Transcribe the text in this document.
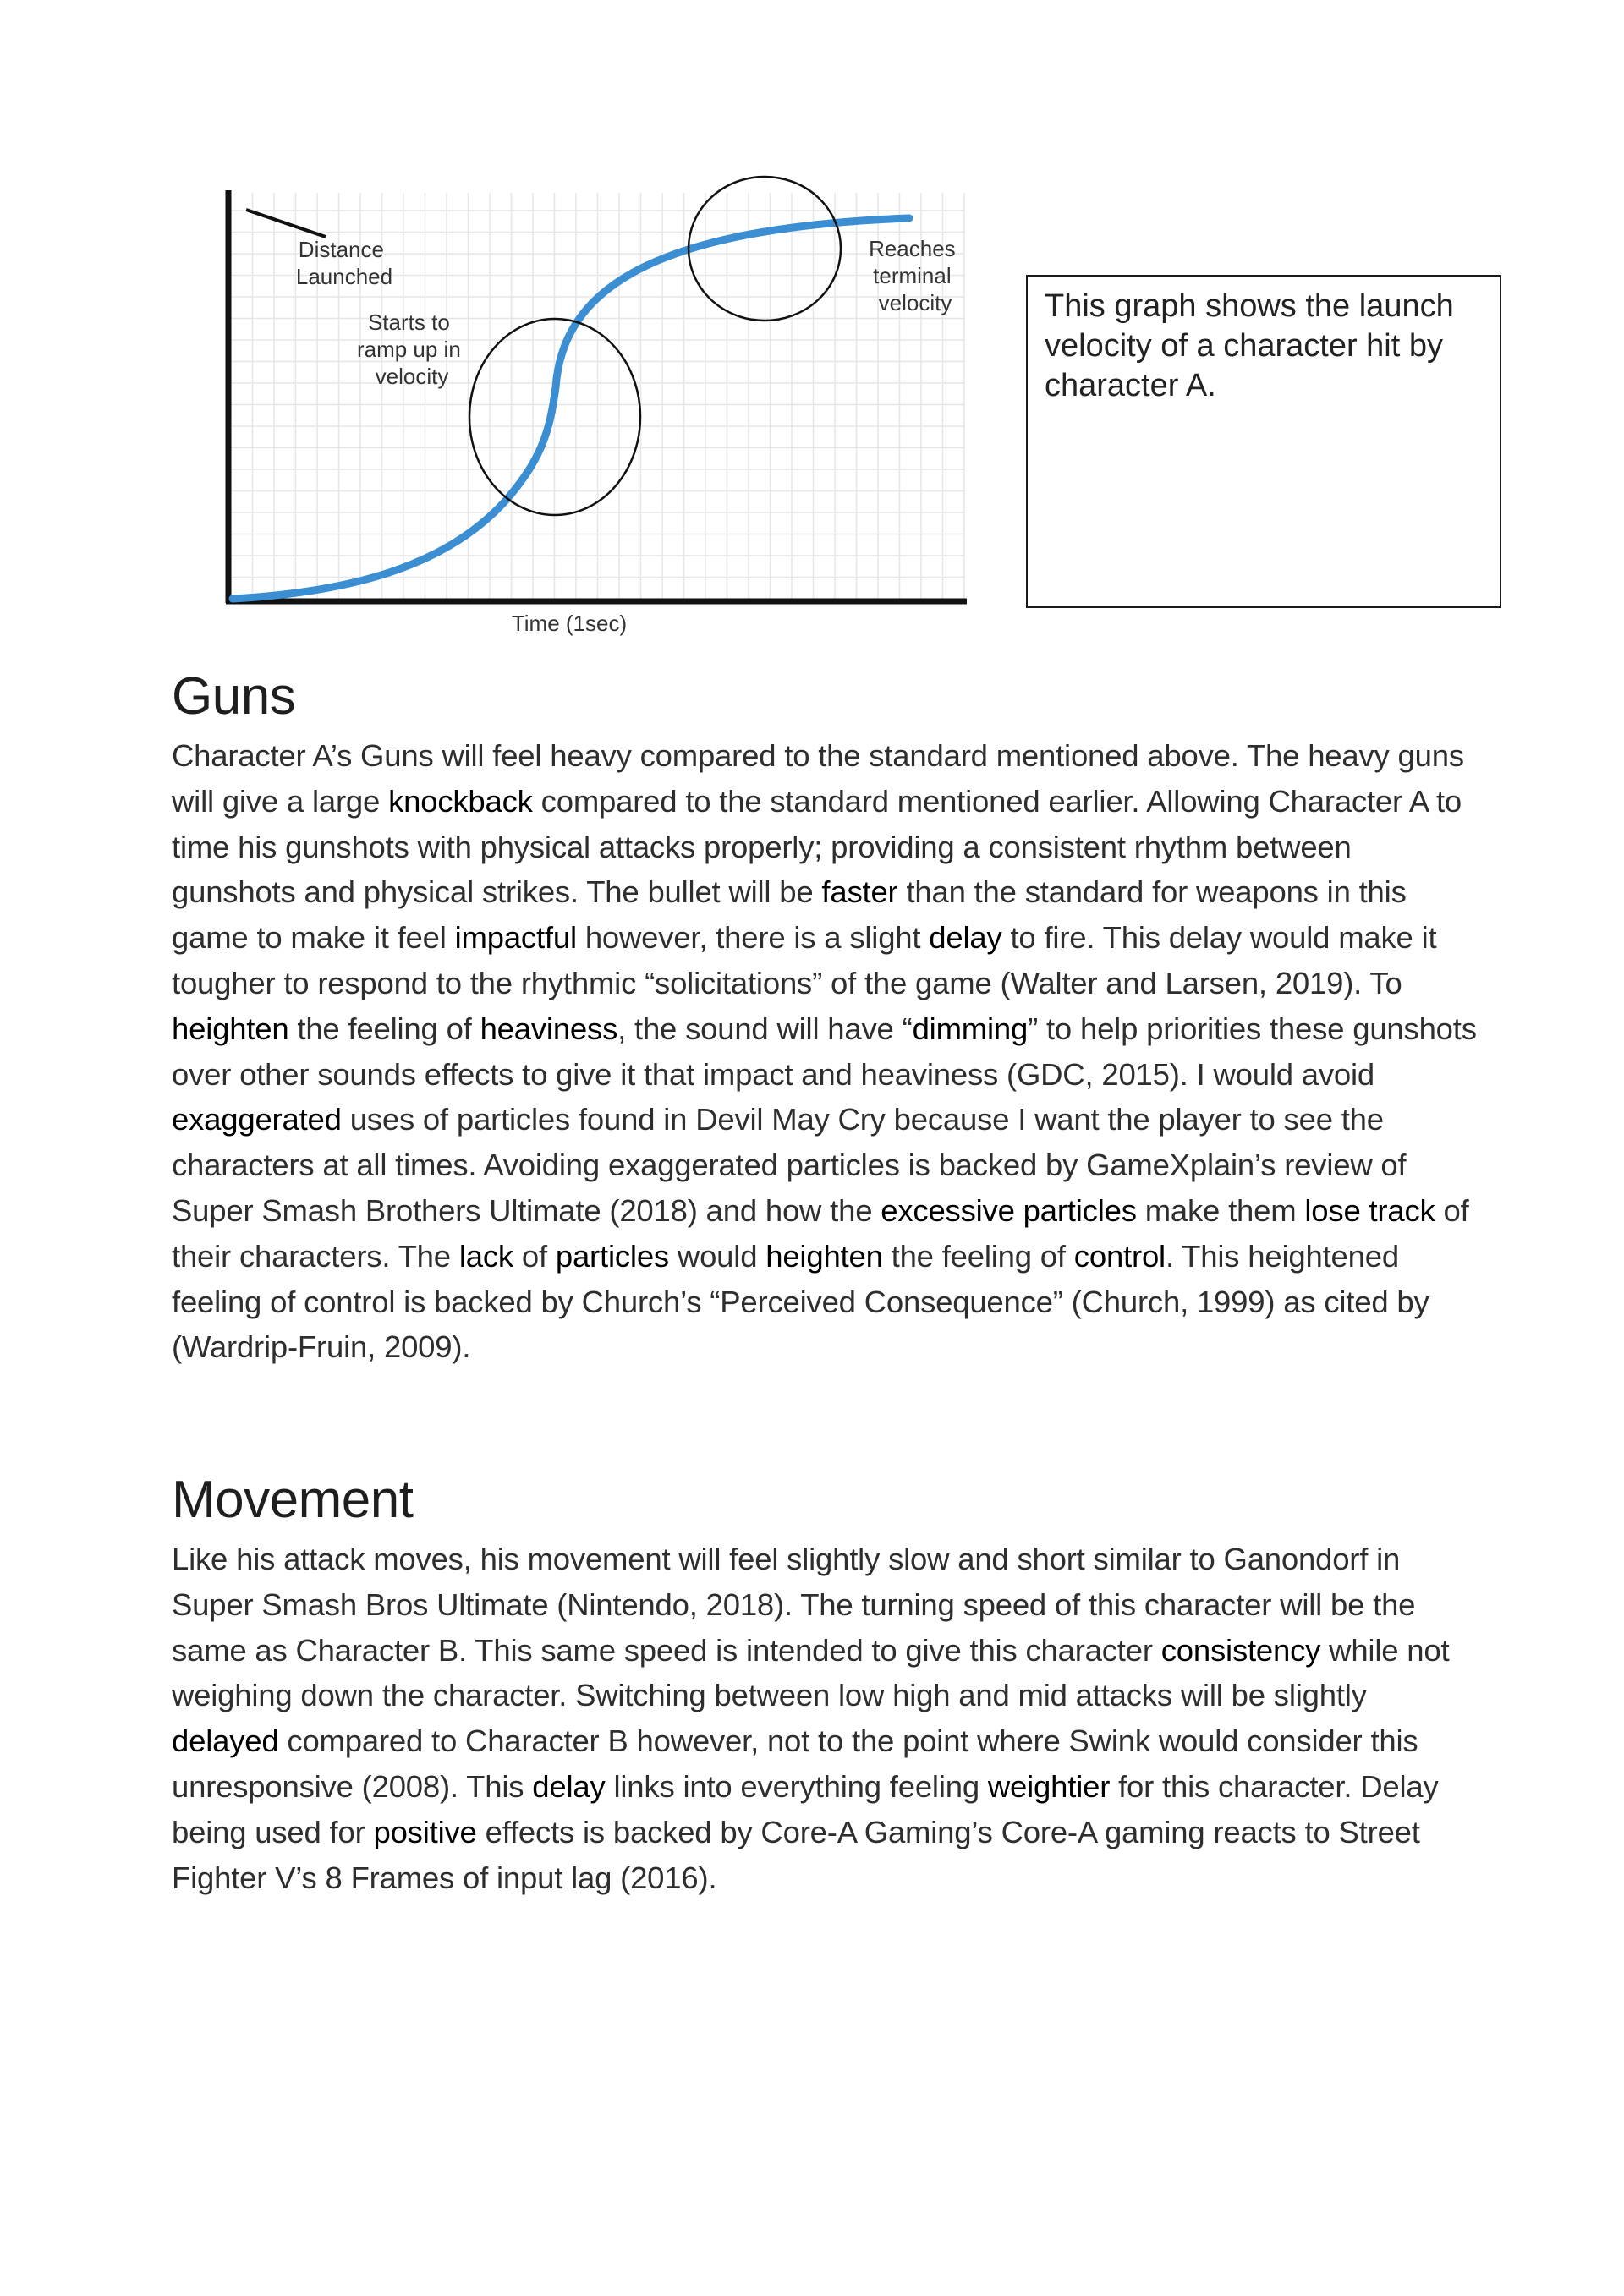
Distance Launched
Starts to ramp up in velocity
Reaches terminal velocity
Time (1sec)
This graph shows the launch velocity of a character hit by character A.
Guns

Character A’s Guns will feel heavy compared to the standard mentioned above. The heavy guns will give a large knockback compared to the standard mentioned earlier. Allowing Character A to time his gunshots with physical attacks properly; providing a consistent rhythm between gunshots and physical strikes. The bullet will be faster than the standard for weapons in this game to make it feel impactful however, there is a slight delay to fire. This delay would make it tougher to respond to the rhythmic “solicitations” of the game (Walter and Larsen, 2019). To heighten the feeling of heaviness, the sound will have “dimming” to help priorities these gunshots over other sounds effects to give it that impact and heaviness (GDC, 2015). I would avoid exaggerated uses of particles found in Devil May Cry because I want the player to see the characters at all times. Avoiding exaggerated particles is backed by GameXplain’s review of Super Smash Brothers Ultimate (2018) and how the excessive particles make them lose track of their characters. The lack of particles would heighten the feeling of control. This heightened feeling of control is backed by Church’s “Perceived Consequence” (Church, 1999) as cited by (Wardrip-Fruin, 2009).

Movement

Like his attack moves, his movement will feel slightly slow and short similar to Ganondorf in Super Smash Bros Ultimate (Nintendo, 2018). The turning speed of this character will be the same as Character B. This same speed is intended to give this character consistency while not weighing down the character. Switching between low high and mid attacks will be slightly delayed compared to Character B however, not to the point where Swink would consider this unresponsive (2008). This delay links into everything feeling weightier for this character. Delay being used for positive effects is backed by Core-A Gaming’s Core-A gaming reacts to Street Fighter V’s 8 Frames of input lag (2016).
